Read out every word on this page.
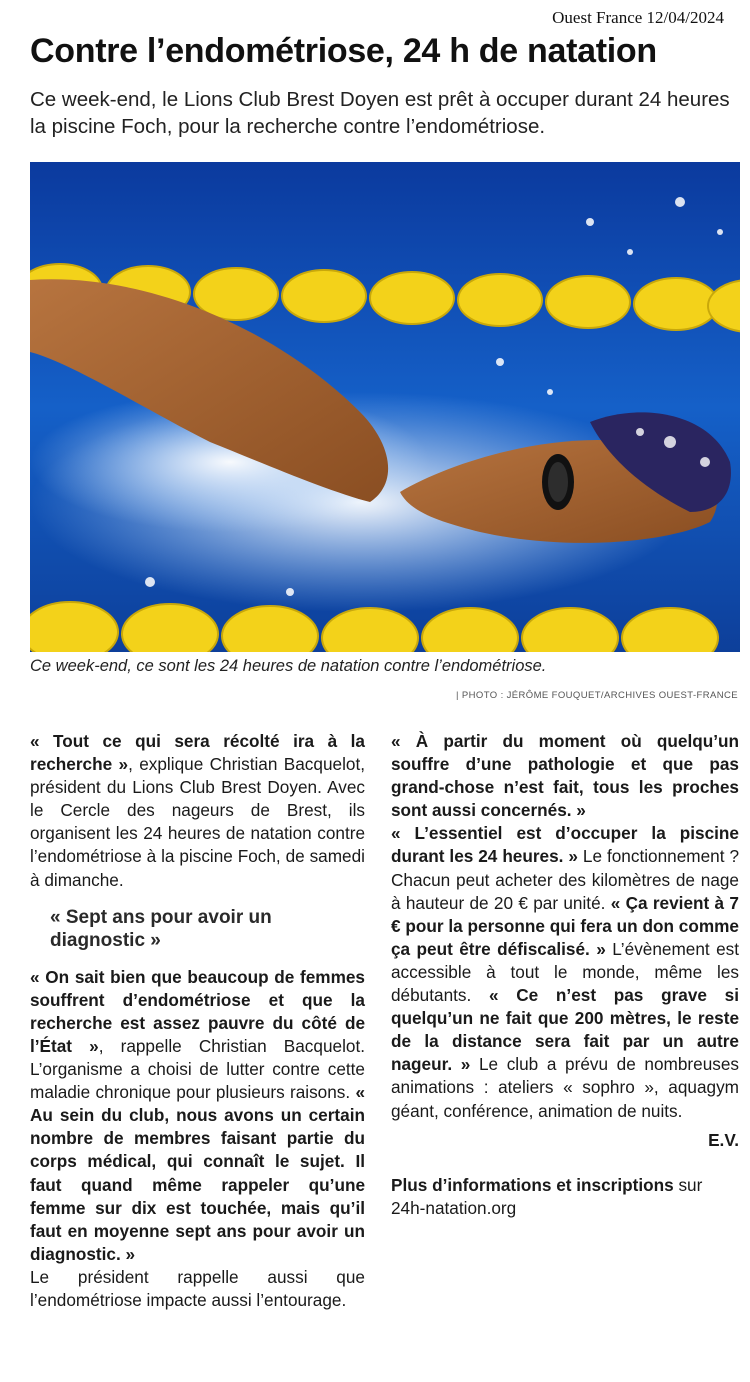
Ouest France 12/04/2024
Contre l’endométriose, 24 h de natation

Ce week-end, le Lions Club Brest Doyen est prêt à occuper durant 24 heures la piscine Foch, pour la recherche contre l’endométriose.

Ce week-end, ce sont les 24 heures de natation contre l’endométriose.

| PHOTO : JÉRÔME FOUQUET/ARCHIVES OUEST-FRANCE

« Tout ce qui sera récolté ira à la recherche », explique Christian Bacquelot, président du Lions Club Brest Doyen. Avec le Cercle des nageurs de Brest, ils organisent les 24 heures de natation contre l’endométriose à la piscine Foch, de samedi à dimanche.

« Sept ans pour avoir un diagnostic »

« On sait bien que beaucoup de femmes souffrent d’endométriose et que la recherche est assez pauvre du côté de l’État », rappelle Christian Bacquelot. L’organisme a choisi de lutter contre cette maladie chronique pour plusieurs raisons. « Au sein du club, nous avons un certain nombre de membres faisant partie du corps médical, qui connaît le sujet. Il faut quand même rappeler qu’une femme sur dix est touchée, mais qu’il faut en moyenne sept ans pour avoir un diagnostic. »

Le président rappelle aussi que l’endométriose impacte aussi l’entourage.

« À partir du moment où quelqu’un souffre d’une pathologie et que pas grand-chose n’est fait, tous les proches sont aussi concernés. »

« L’essentiel est d’occuper la piscine durant les 24 heures. » Le fonctionnement ? Chacun peut acheter des kilomètres de nage à hauteur de 20 € par unité. « Ça revient à 7 € pour la personne qui fera un don comme ça peut être défiscalisé. » L’évènement est accessible à tout le monde, même les débutants. « Ce n’est pas grave si quelqu’un ne fait que 200 mètres, le reste de la distance sera fait par un autre nageur. » Le club a prévu de nombreuses animations : ateliers « sophro », aquagym géant, conférence, animation de nuits.

E.V.

Plus d’informations et inscriptions sur 24h-natation.org
